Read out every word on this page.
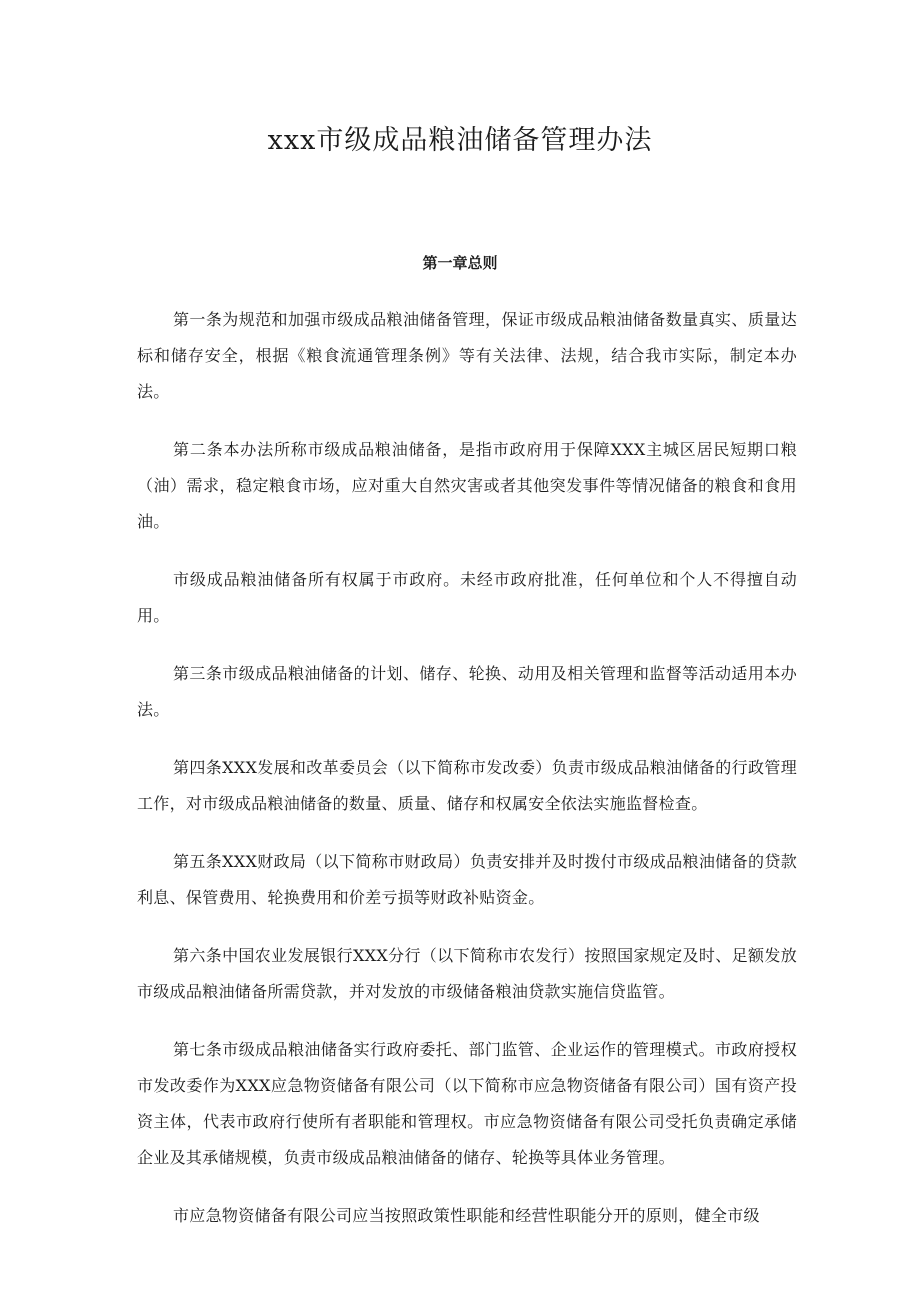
xxx市级成品粮油储备管理办法
第一章总则

第一条为规范和加强市级成品粮油储备管理，保证市级成品粮油储备数量真实、质量达标和储存安全，根据《粮食流通管理条例》等有关法律、法规，结合我市实际，制定本办法。

第二条本办法所称市级成品粮油储备，是指市政府用于保障XXX主城区居民短期口粮（油）需求，稳定粮食市场，应对重大自然灾害或者其他突发事件等情况储备的粮食和食用油。

市级成品粮油储备所有权属于市政府。未经市政府批准，任何单位和个人不得擅自动用。

第三条市级成品粮油储备的计划、储存、轮换、动用及相关管理和监督等活动适用本办法。

第四条XXX发展和改革委员会（以下简称市发改委）负责市级成品粮油储备的行政管理工作，对市级成品粮油储备的数量、质量、储存和权属安全依法实施监督检查。

第五条XXX财政局（以下简称市财政局）负责安排并及时拨付市级成品粮油储备的贷款利息、保管费用、轮换费用和价差亏损等财政补贴资金。

第六条中国农业发展银行XXX分行（以下简称市农发行）按照国家规定及时、足额发放市级成品粮油储备所需贷款，并对发放的市级储备粮油贷款实施信贷监管。

第七条市级成品粮油储备实行政府委托、部门监管、企业运作的管理模式。市政府授权市发改委作为XXX应急物资储备有限公司（以下简称市应急物资储备有限公司）国有资产投资主体，代表市政府行使所有者职能和管理权。市应急物资储备有限公司受托负责确定承储企业及其承储规模，负责市级成品粮油储备的储存、轮换等具体业务管理。

市应急物资储备有限公司应当按照政策性职能和经营性职能分开的原则，健全市级
